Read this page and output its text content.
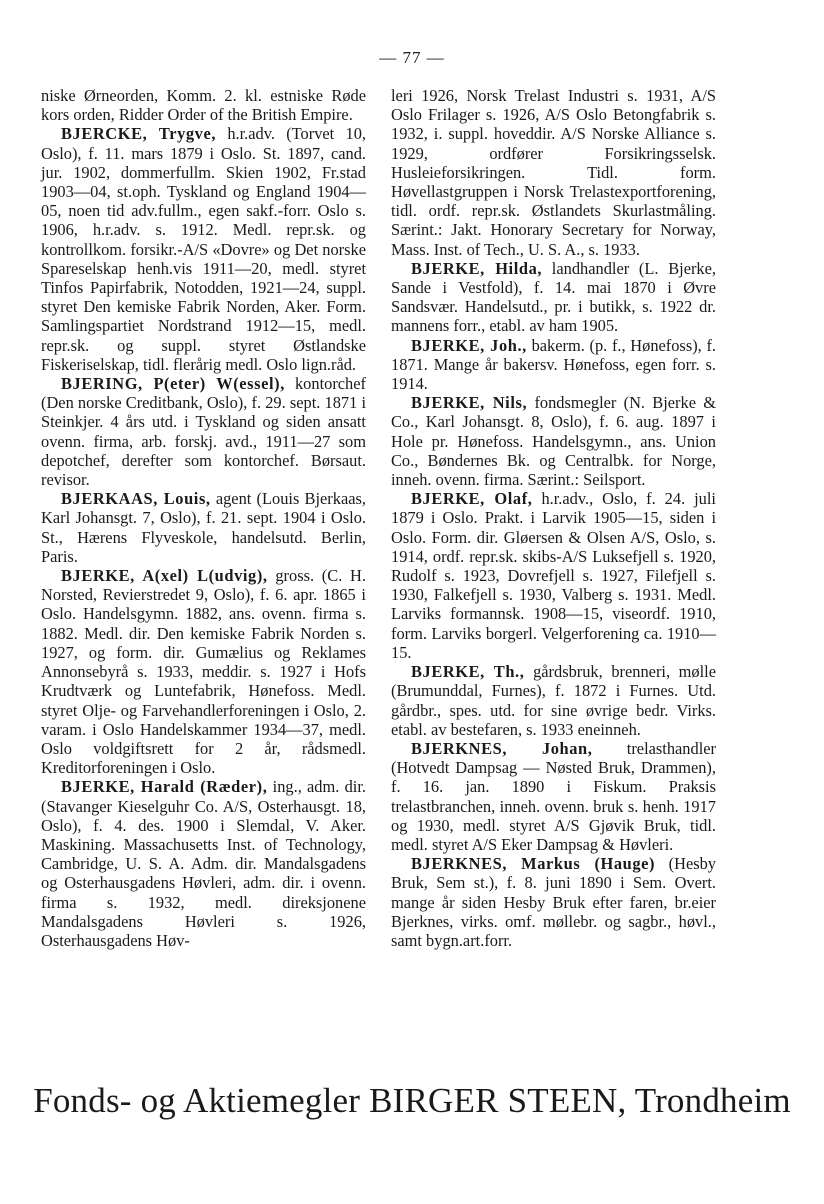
— 77 —

niske Ørneorden, Komm. 2. kl. estniske Røde kors orden, Ridder Order of the British Empire.

BJERCKE, Trygve, h.r.adv. (Torvet 10, Oslo), f. 11. mars 1879 i Oslo. St. 1897, cand. jur. 1902, dommerfullm. Skien 1902, Fr.stad 1903—04, st.oph. Tyskland og England 1904—05, noen tid adv.fullm., egen sakf.-forr. Oslo s. 1906, h.r.adv. s. 1912. Medl. repr.sk. og kontrollkom. forsikr.-A/S «Dovre» og Det norske Spareselskap henh.vis 1911—20, medl. styret Tinfos Papirfabrik, Notodden, 1921—24, suppl. styret Den kemiske Fabrik Norden, Aker. Form. Samlingspartiet Nordstrand 1912—15, medl. repr.sk. og suppl. styret Østlandske Fiskeriselskap, tidl. flerårig medl. Oslo lign.råd.

BJERING, P(eter) W(essel), kontorchef (Den norske Creditbank, Oslo), f. 29. sept. 1871 i Steinkjer. 4 års utd. i Tyskland og siden ansatt ovenn. firma, arb. forskj. avd., 1911—27 som depotchef, derefter som kontorchef. Børsaut. revisor.

BJERKAAS, Louis, agent (Louis Bjerkaas, Karl Johansgt. 7, Oslo), f. 21. sept. 1904 i Oslo. St., Hærens Flyveskole, handelsutd. Berlin, Paris.

BJERKE, A(xel) L(udvig), gross. (C. H. Norsted, Revierstredet 9, Oslo), f. 6. apr. 1865 i Oslo. Handelsgymn. 1882, ans. ovenn. firma s. 1882. Medl. dir. Den kemiske Fabrik Norden s. 1927, og form. dir. Gumælius og Reklames Annonsebyrå s. 1933, meddir. s. 1927 i Hofs Krudtværk og Luntefabrik, Hønefoss. Medl. styret Olje- og Farvehandlerforeningen i Oslo, 2. varam. i Oslo Handelskammer 1934—37, medl. Oslo voldgiftsrett for 2 år, rådsmedl. Kreditorforeningen i Oslo.

BJERKE, Harald (Ræder), ing., adm. dir. (Stavanger Kieselguhr Co. A/S, Osterhausgt. 18, Oslo), f. 4. des. 1900 i Slemdal, V. Aker. Maskining. Massachusetts Inst. of Technology, Cambridge, U. S. A. Adm. dir. Mandalsgadens og Osterhausgadens Høvleri, adm. dir. i ovenn. firma s. 1932, medl. direksjonene Mandalsgadens Høvleri s. 1926, Osterhausgadens Høv-

leri 1926, Norsk Trelast Industri s. 1931, A/S Oslo Frilager s. 1926, A/S Oslo Betongfabrik s. 1932, i. suppl. hoveddir. A/S Norske Alliance s. 1929, ordfører Forsikringsselsk. Husleieforsikringen. Tidl. form. Høvellastgruppen i Norsk Trelastexportforening, tidl. ordf. repr.sk. Østlandets Skurlastmåling. Særint.: Jakt. Honorary Secretary for Norway, Mass. Inst. of Tech., U. S. A., s. 1933.

BJERKE, Hilda, landhandler (L. Bjerke, Sande i Vestfold), f. 14. mai 1870 i Øvre Sandsvær. Handelsutd., pr. i butikk, s. 1922 dr. mannens forr., etabl. av ham 1905.

BJERKE, Joh., bakerm. (p. f., Hønefoss), f. 1871. Mange år bakersv. Hønefoss, egen forr. s. 1914.

BJERKE, Nils, fondsmegler (N. Bjerke & Co., Karl Johansgt. 8, Oslo), f. 6. aug. 1897 i Hole pr. Hønefoss. Handelsgymn., ans. Union Co., Bøndernes Bk. og Centralbk. for Norge, inneh. ovenn. firma. Særint.: Seilsport.

BJERKE, Olaf, h.r.adv., Oslo, f. 24. juli 1879 i Oslo. Prakt. i Larvik 1905—15, siden i Oslo. Form. dir. Gløersen & Olsen A/S, Oslo, s. 1914, ordf. repr.sk. skibs-A/S Luksefjell s. 1920, Rudolf s. 1923, Dovrefjell s. 1927, Filefjell s. 1930, Falkefjell s. 1930, Valberg s. 1931. Medl. Larviks formannsk. 1908—15, viseordf. 1910, form. Larviks borgerl. Velgerforening ca. 1910—15.

BJERKE, Th., gårdsbruk, brenneri, mølle (Brumunddal, Furnes), f. 1872 i Furnes. Utd. gårdbr., spes. utd. for sine øvrige bedr. Virks. etabl. av bestefaren, s. 1933 eneinneh.

BJERKNES, Johan, trelasthandler (Hotvedt Dampsag — Nøsted Bruk, Drammen), f. 16. jan. 1890 i Fiskum. Praksis trelastbranchen, inneh. ovenn. bruk s. henh. 1917 og 1930, medl. styret A/S Gjøvik Bruk, tidl. medl. styret A/S Eker Dampsag & Høvleri.

BJERKNES, Markus (Hauge) (Hesby Bruk, Sem st.), f. 8. juni 1890 i Sem. Overt. mange år siden Hesby Bruk efter faren, br.eier Bjerknes, virks. omf. møllebr. og sagbr., høvl., samt bygn.art.forr.

Fonds- og Aktiemegler BIRGER STEEN, Trondheim
